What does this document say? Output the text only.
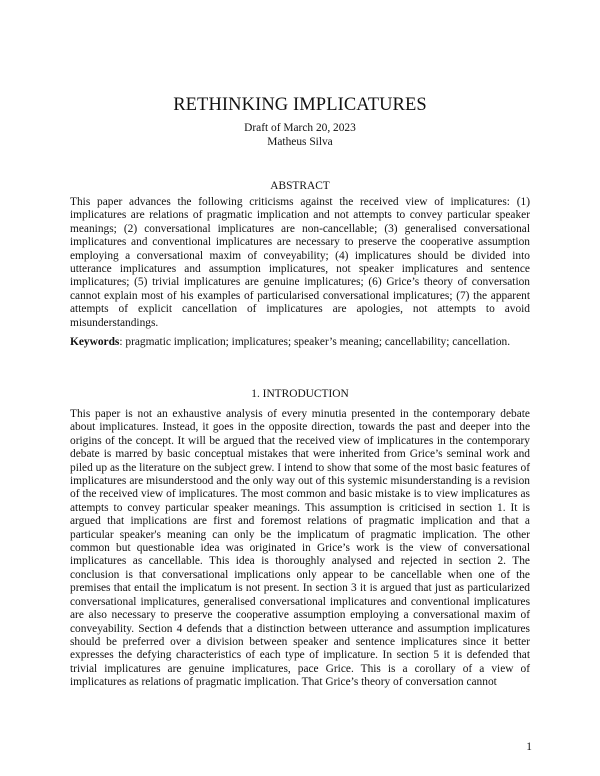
RETHINKING IMPLICATURES
Draft of March 20, 2023
Matheus Silva
ABSTRACT
This paper advances the following criticisms against the received view of implicatures: (1) implicatures are relations of pragmatic implication and not attempts to convey particular speaker meanings; (2) conversational implicatures are non-cancellable; (3) generalised conversational implicatures and conventional implicatures are necessary to preserve the cooperative assumption employing a conversational maxim of conveyability; (4) implicatures should be divided into utterance implicatures and assumption implicatures, not speaker implicatures and sentence implicatures; (5) trivial implicatures are genuine implicatures; (6) Grice’s theory of conversation cannot explain most of his examples of particularised conversational implicatures; (7) the apparent attempts of explicit cancellation of implicatures are apologies, not attempts to avoid misunderstandings.
Keywords: pragmatic implication; implicatures; speaker’s meaning; cancellability; cancellation.
1. INTRODUCTION
This paper is not an exhaustive analysis of every minutia presented in the contemporary debate about implicatures. Instead, it goes in the opposite direction, towards the past and deeper into the origins of the concept. It will be argued that the received view of implicatures in the contemporary debate is marred by basic conceptual mistakes that were inherited from Grice’s seminal work and piled up as the literature on the subject grew. I intend to show that some of the most basic features of implicatures are misunderstood and the only way out of this systemic misunderstanding is a revision of the received view of implicatures. The most common and basic mistake is to view implicatures as attempts to convey particular speaker meanings. This assumption is criticised in section 1. It is argued that implications are first and foremost relations of pragmatic implication and that a particular speaker's meaning can only be the implicatum of pragmatic implication. The other common but questionable idea was originated in Grice’s work is the view of conversational implicatures as cancellable. This idea is thoroughly analysed and rejected in section 2. The conclusion is that conversational implications only appear to be cancellable when one of the premises that entail the implicatum is not present. In section 3 it is argued that just as particularized conversational implicatures, generalised conversational implicatures and conventional implicatures are also necessary to preserve the cooperative assumption employing a conversational maxim of conveyability. Section 4 defends that a distinction between utterance and assumption implicatures should be preferred over a division between speaker and sentence implicatures since it better expresses the defying characteristics of each type of implicature. In section 5 it is defended that trivial implicatures are genuine implicatures, pace Grice. This is a corollary of a view of implicatures as relations of pragmatic implication. That Grice’s theory of conversation cannot
1
